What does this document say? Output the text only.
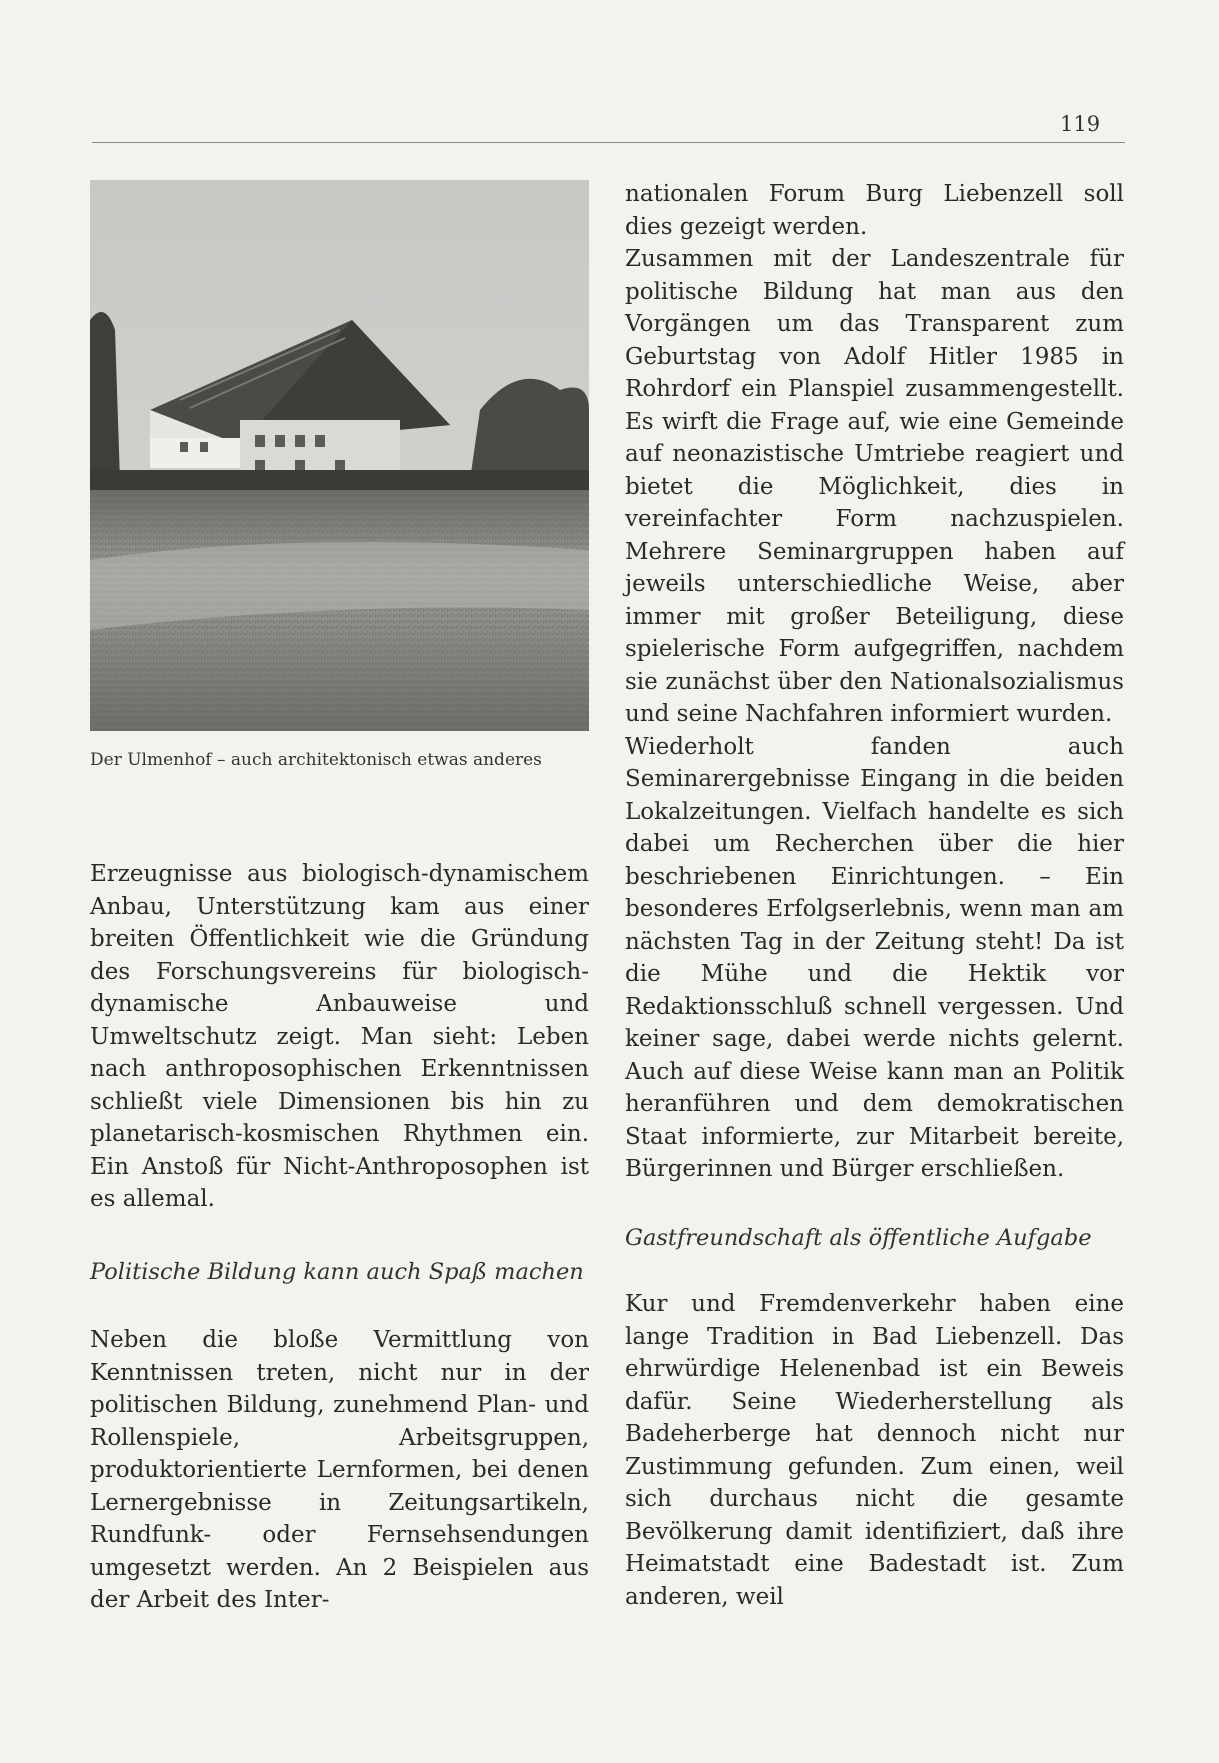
119
Der Ulmenhof – auch architektonisch etwas anderes

Erzeugnisse aus biologisch-dynamischem Anbau, Unterstützung kam aus einer breiten Öffentlichkeit wie die Gründung des Forschungsvereins für biologisch-dynamische Anbauweise und Umweltschutz zeigt. Man sieht: Leben nach anthroposophischen Erkenntnissen schließt viele Dimensionen bis hin zu planetarisch-kosmischen Rhythmen ein. Ein Anstoß für Nicht-Anthroposophen ist es allemal.

Politische Bildung kann auch Spaß machen

Neben die bloße Vermittlung von Kenntnissen treten, nicht nur in der politischen Bildung, zunehmend Plan- und Rollenspiele, Arbeitsgruppen, produktorientierte Lernformen, bei denen Lernergebnisse in Zeitungsartikeln, Rundfunk- oder Fernsehsendungen umgesetzt werden. An 2 Beispielen aus der Arbeit des Inter-

nationalen Forum Burg Liebenzell soll dies gezeigt werden.

Zusammen mit der Landeszentrale für politische Bildung hat man aus den Vorgängen um das Transparent zum Geburtstag von Adolf Hitler 1985 in Rohrdorf ein Planspiel zusammengestellt. Es wirft die Frage auf, wie eine Gemeinde auf neonazistische Umtriebe reagiert und bietet die Möglichkeit, dies in vereinfachter Form nachzuspielen. Mehrere Seminargruppen haben auf jeweils unterschiedliche Weise, aber immer mit großer Beteiligung, diese spielerische Form aufgegriffen, nachdem sie zunächst über den Nationalsozialismus und seine Nachfahren informiert wurden.

Wiederholt fanden auch Seminarergebnisse Eingang in die beiden Lokalzeitungen. Vielfach handelte es sich dabei um Recherchen über die hier beschriebenen Einrichtungen. – Ein besonderes Erfolgserlebnis, wenn man am nächsten Tag in der Zeitung steht! Da ist die Mühe und die Hektik vor Redaktionsschluß schnell vergessen. Und keiner sage, dabei werde nichts gelernt. Auch auf diese Weise kann man an Politik heranführen und dem demokratischen Staat informierte, zur Mitarbeit bereite, Bürgerinnen und Bürger erschließen.

Gastfreundschaft als öffentliche Aufgabe

Kur und Fremdenverkehr haben eine lange Tradition in Bad Liebenzell. Das ehrwürdige Helenenbad ist ein Beweis dafür. Seine Wiederherstellung als Badeherberge hat dennoch nicht nur Zustimmung gefunden. Zum einen, weil sich durchaus nicht die gesamte Bevölkerung damit identifiziert, daß ihre Heimatstadt eine Badestadt ist. Zum anderen, weil
